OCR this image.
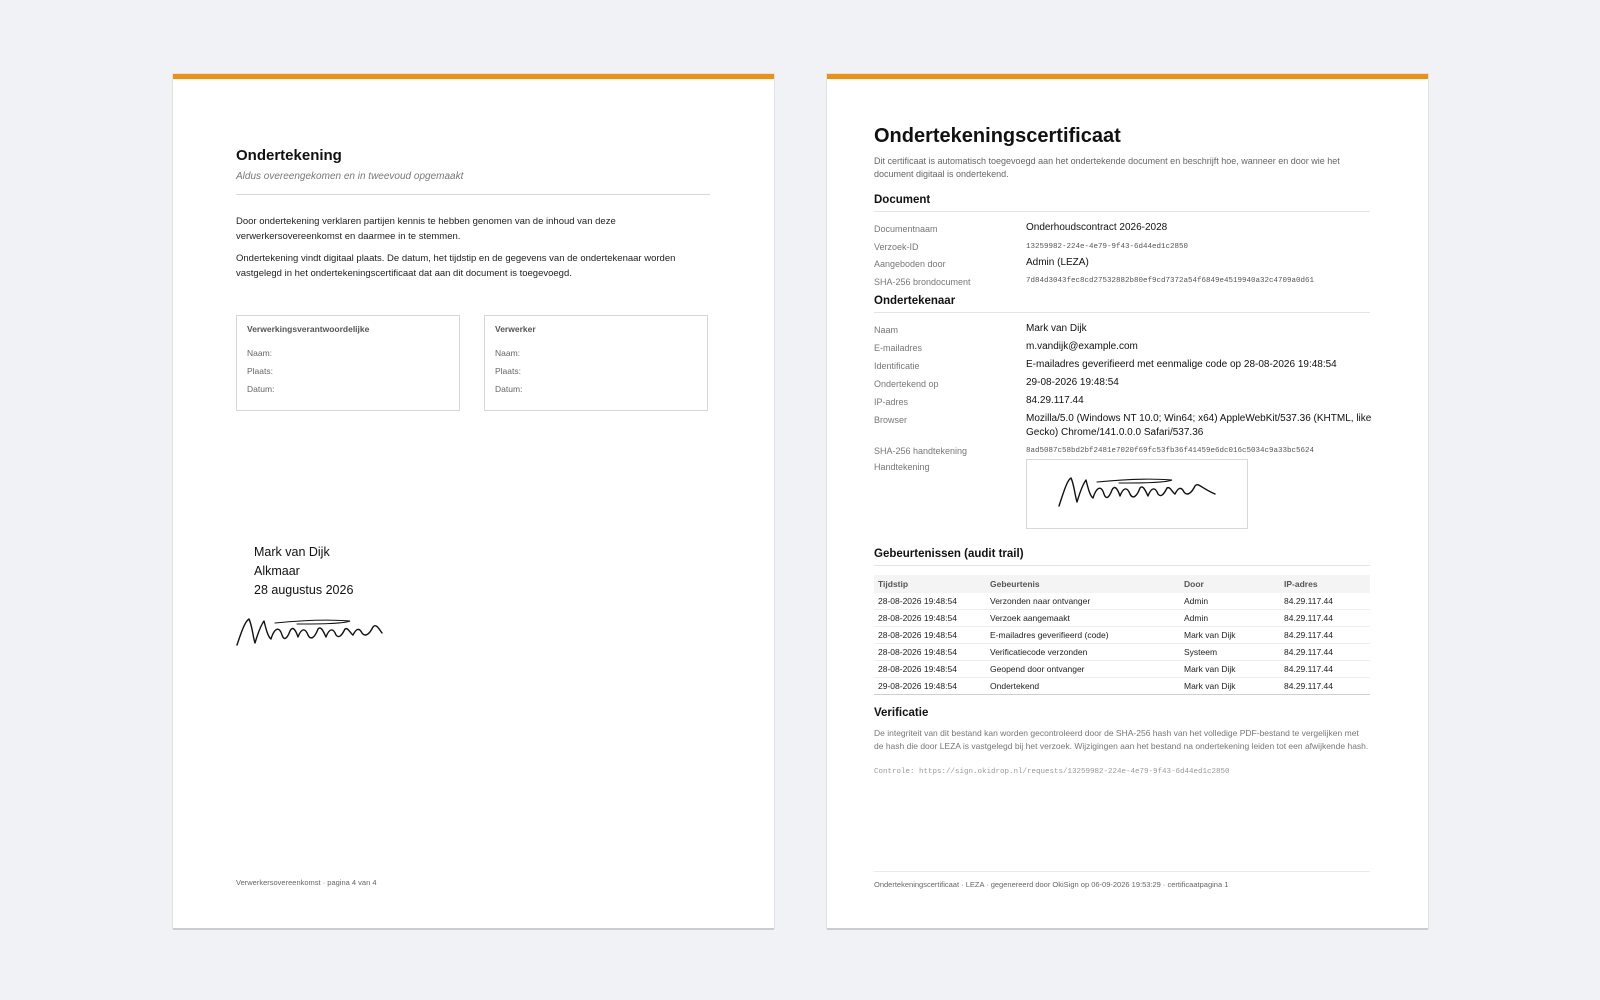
Ondertekening
Aldus overeengekomen en in tweevoud opgemaakt

Door ondertekening verklaren partijen kennis te hebben genomen van de inhoud van deze verwerkersovereenkomst en daarmee in te stemmen.

Ondertekening vindt digitaal plaats. De datum, het tijdstip en de gegevens van de ondertekenaar worden vastgelegd in het ondertekeningscertificaat dat aan dit document is toegevoegd.

Verwerkingsverantwoordelijke
Naam:
Plaats:
Datum:
Verwerker
Naam:
Plaats:
Datum:
Mark van Dijk
Alkmaar
28 augustus 2026
Verwerkersovereenkomst · pagina 4 van 4
Ondertekeningscertificaat

Dit certificaat is automatisch toegevoegd aan het ondertekende document en beschrijft hoe, wanneer en door wie het document digitaal is ondertekend.

Document
Documentnaam	Onderhoudscontract 2026-2028
Verzoek-ID	13259982-224e-4e79-9f43-6d44ed1c2850
Aangeboden door	Admin (LEZA)
SHA-256 brondocument	7d84d3043fec8cd27532882b80ef9cd7372a54f6849e4519940a32c4709a0d61
Ondertekenaar
Naam	Mark van Dijk
E-mailadres	m.vandijk@example.com
Identificatie	E-mailadres geverifieerd met eenmalige code op 28-08-2026 19:48:54
Ondertekend op	29-08-2026 19:48:54
IP-adres	84.29.117.44
Browser	Mozilla/5.0 (Windows NT 10.0; Win64; x64) AppleWebKit/537.36 (KHTML, like Gecko) Chrome/141.0.0.0 Safari/537.36
SHA-256 handtekening	8ad5087c58bd2bf2481e7020f69fc53fb36f41459e6dc016c5034c9a33bc5624
Handtekening
Gebeurtenissen (audit trail)
Tijdstip	Gebeurtenis	Door	IP-adres
28-08-2026 19:48:54	Verzonden naar ontvanger	Admin	84.29.117.44
28-08-2026 19:48:54	Verzoek aangemaakt	Admin	84.29.117.44
28-08-2026 19:48:54	E-mailadres geverifieerd (code)	Mark van Dijk	84.29.117.44
28-08-2026 19:48:54	Verificatiecode verzonden	Systeem	84.29.117.44
28-08-2026 19:48:54	Geopend door ontvanger	Mark van Dijk	84.29.117.44
29-08-2026 19:48:54	Ondertekend	Mark van Dijk	84.29.117.44
Verificatie

De integriteit van dit bestand kan worden gecontroleerd door de SHA-256 hash van het volledige PDF-bestand te vergelijken met de hash die door LEZA is vastgelegd bij het verzoek. Wijzigingen aan het bestand na ondertekening leiden tot een afwijkende hash.

Controle: https://sign.okidrop.nl/requests/13259982-224e-4e79-9f43-6d44ed1c2850
Ondertekeningscertificaat · LEZA · gegenereerd door OkiSign op 06-09-2026 19:53:29 · certificaatpagina 1
